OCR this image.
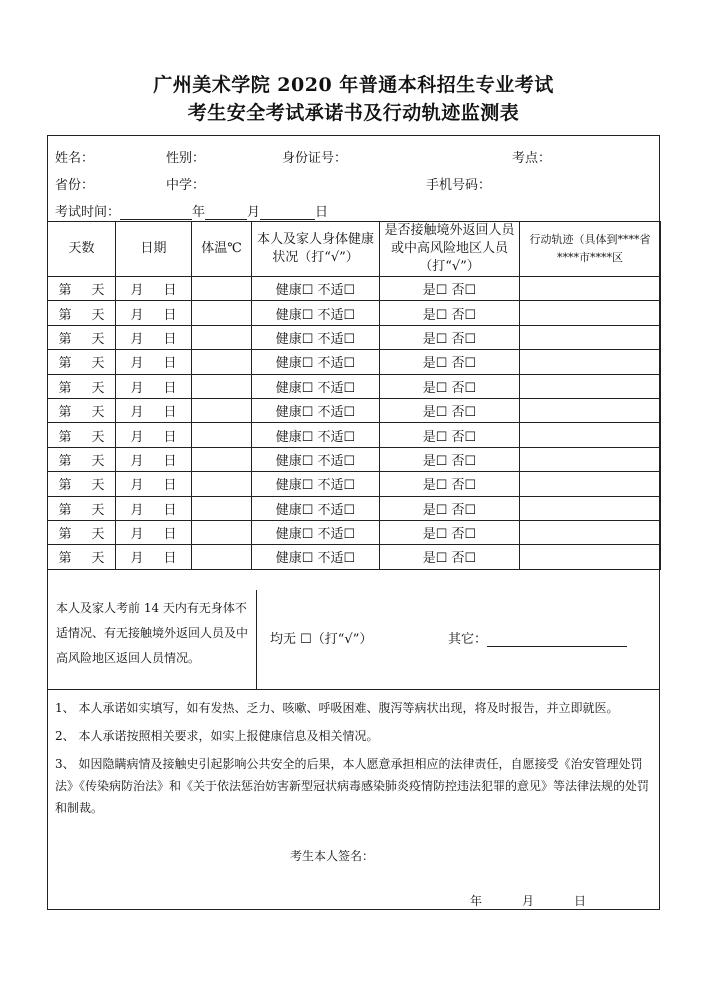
广州美术学院 2020 年普通本科招生专业考试
考生安全考试承诺书及行动轨迹监测表
姓名：	性别：	身份证号：	考点：
省份：	中学：	手机号码：
考试时间：	年	月	日
天数	日期	体温℃	本人及家人身体健康状况（打“√”）	是否接触境外返回人员或中高风险地区人员（打“√”）	行动轨迹（具体到****省****市****区
第 天	月 日		健康☐ 不适☐	是☐ 否☐	
第 天	月 日		健康☐ 不适☐	是☐ 否☐	
第 天	月 日		健康☐ 不适☐	是☐ 否☐	
第 天	月 日		健康☐ 不适☐	是☐ 否☐	
第 天	月 日		健康☐ 不适☐	是☐ 否☐	
第 天	月 日		健康☐ 不适☐	是☐ 否☐	
第 天	月 日		健康☐ 不适☐	是☐ 否☐	
第 天	月 日		健康☐ 不适☐	是☐ 否☐	
第 天	月 日		健康☐ 不适☐	是☐ 否☐	
第 天	月 日		健康☐ 不适☐	是☐ 否☐	
第 天	月 日		健康☐ 不适☐	是☐ 否☐	
第 天	月 日		健康☐ 不适☐	是☐ 否☐	
本人及家人考前 14 天内有无身体不适情况、有无接触境外返回人员及中高风险地区返回人员情况。
均无 ☐（打“√”）	其它：
1、 本人承诺如实填写，如有发热、乏力、咳嗽、呼吸困难、腹泻等病状出现，将及时报告，并立即就医。
2、 本人承诺按照相关要求，如实上报健康信息及相关情况。
3、 如因隐瞒病情及接触史引起影响公共安全的后果，本人愿意承担相应的法律责任，自愿接受《治安管理处罚法》《传染病防治法》和《关于依法惩治妨害新型冠状病毒感染肺炎疫情防控违法犯罪的意见》等法律法规的处罚和制裁。
考生本人签名：
年	月	日
